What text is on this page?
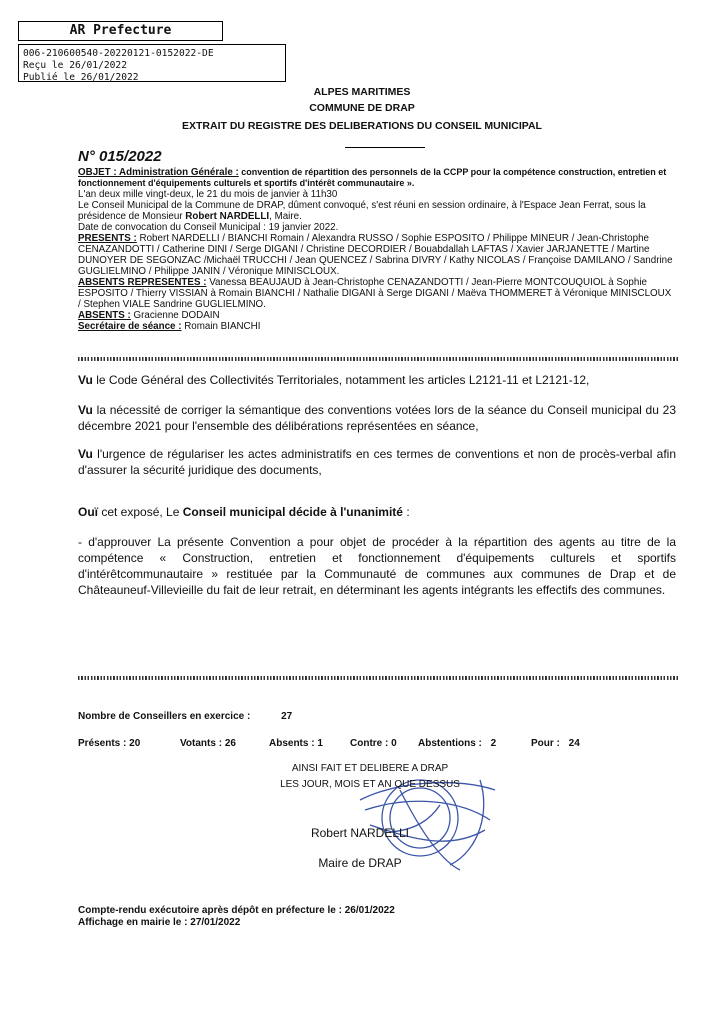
AR Prefecture
006-210600540-20220121-0152022-DE
Reçu le 26/01/2022
Publié le 26/01/2022
ALPES MARITIMES
COMMUNE DE DRAP
EXTRAIT DU REGISTRE DES DELIBERATIONS DU CONSEIL MUNICIPAL
N° 015/2022

OBJET : Administration Générale : convention de répartition des personnels de la CCPP pour la compétence construction, entretien et fonctionnement d'équipements culturels et sportifs d'intérêt communautaire ».

L'an deux mille vingt-deux, le 21 du mois de janvier à 11h30

Le Conseil Municipal de la Commune de DRAP, dûment convoqué, s'est réuni en session ordinaire, à l'Espace Jean Ferrat, sous la présidence de Monsieur Robert NARDELLI, Maire.

Date de convocation du Conseil Municipal : 19 janvier 2022.

PRESENTS : Robert NARDELLI / BIANCHI Romain / Alexandra RUSSO / Sophie ESPOSITO / Philippe MINEUR / Jean-Christophe CENAZANDOTTI / Catherine DINI / Serge DIGANI / Christine DECORDIER / Bouabdallah LAFTAS / Xavier JARJANETTE / Martine DUNOYER DE SEGONZAC /Michaël TRUCCHI / Jean QUENCEZ / Sabrina DIVRY / Kathy NICOLAS / Françoise DAMILANO / Sandrine GUGLIELMINO / Philippe JANIN / Véronique MINISCLOUX.

ABSENTS REPRESENTES : Vanessa BEAUJAUD à Jean-Christophe CENAZANDOTTI / Jean-Pierre MONTCOUQUIOL à Sophie ESPOSITO / Thierry VISSIAN à Romain BIANCHI / Nathalie DIGANI à Serge DIGANI / Maëva THOMMERET à Véronique MINISCLOUX / Stephen VIALE Sandrine GUGLIELMINO.

ABSENTS : Gracienne DODAIN

Secrétaire de séance : Romain BIANCHI

Vu le Code Général des Collectivités Territoriales, notamment les articles L2121-11 et L2121-12,
Vu la nécessité de corriger la sémantique des conventions votées lors de la séance du Conseil municipal du 23 décembre 2021 pour l'ensemble des délibérations représentées en séance,
Vu l'urgence de régulariser les actes administratifs en ces termes de conventions et non de procès-verbal afin d'assurer la sécurité juridique des documents,
Ouï cet exposé, Le Conseil municipal décide à l'unanimité :
- d'approuver La présente Convention a pour objet de procéder à la répartition des agents au titre de la compétence « Construction, entretien et fonctionnement d'équipements culturels et sportifs d'intérêtcommunautaire » restituée par la Communauté de communes aux communes de Drap et de Châteauneuf-Villevieille du fait de leur retrait, en déterminant les agents intégrants les effectifs des communes.
Nombre de Conseillers en exercice :	27
Présents : 20	Votants : 26	Absents : 1	Contre : 0 Abstentions : 2	Pour : 24
AINSI FAIT ET DELIBERE A DRAP
LES JOUR, MOIS ET AN QUE DESSUS
Robert NARDELLI
Maire de DRAP
Compte-rendu exécutoire après dépôt en préfecture le : 26/01/2022
Affichage en mairie le : 27/01/2022
